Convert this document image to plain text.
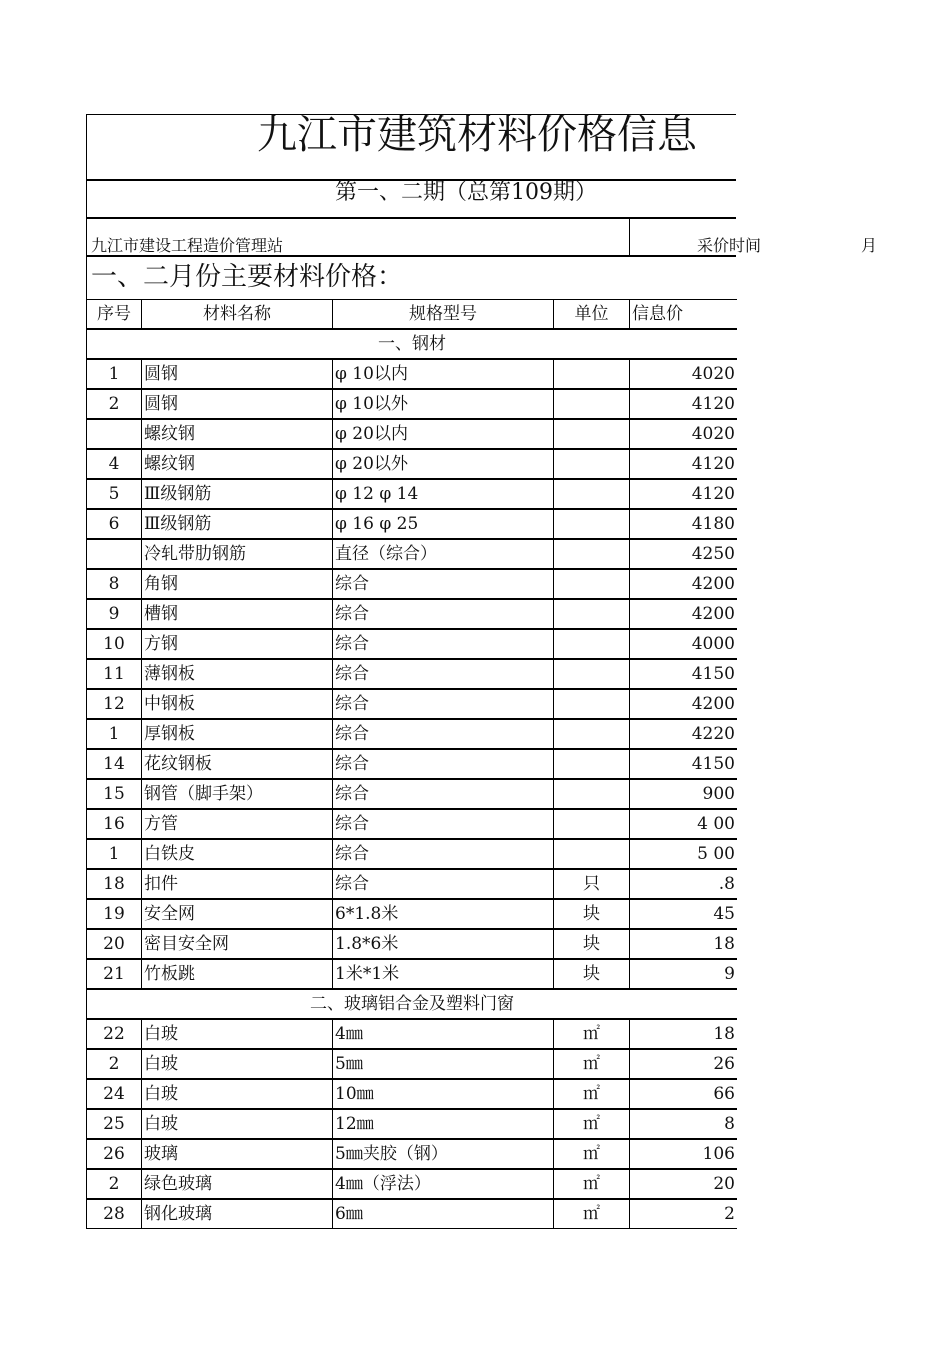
九江市建筑材料价格信息
第一、二期（总第109期）
九江市建设工程造价管理站	采价时间	月
一、二月份主要材料价格：
序号	材料名称	规格型号	单位	信息价
一、钢材				
1	圆钢	φ 10以内		4020
2	圆钢	φ 10以外		4120
	螺纹钢	φ 20以内		4020
4	螺纹钢	φ 20以外		4120
5	Ⅲ级钢筋	φ 12 φ 14		4120
6	Ⅲ级钢筋	φ 16 φ 25		4180
	冷轧带肋钢筋	直径（综合）		4250
8	角钢	综合		4200
9	槽钢	综合		4200
10	方钢	综合		4000
11	薄钢板	综合		4150
12	中钢板	综合		4200
1	厚钢板	综合		4220
14	花纹钢板	综合		4150
15	钢管（脚手架）	综合		900
16	方管	综合		4 00
1	白铁皮	综合		5 00
18	扣件	综合	只	.8
19	安全网	6*1.8米	块	45
20	密目安全网	1.8*6米	块	18
21	竹板跳	1米*1米	块	9
二、玻璃铝合金及塑料门窗				
22	白玻	4㎜	㎡	18
2	白玻	5㎜	㎡	26
24	白玻	10㎜	㎡	66
25	白玻	12㎜	㎡	8
26	玻璃	5㎜夹胶（钢）	㎡	106
2	绿色玻璃	4㎜（浮法）	㎡	20
28	钢化玻璃	6㎜	㎡	2
